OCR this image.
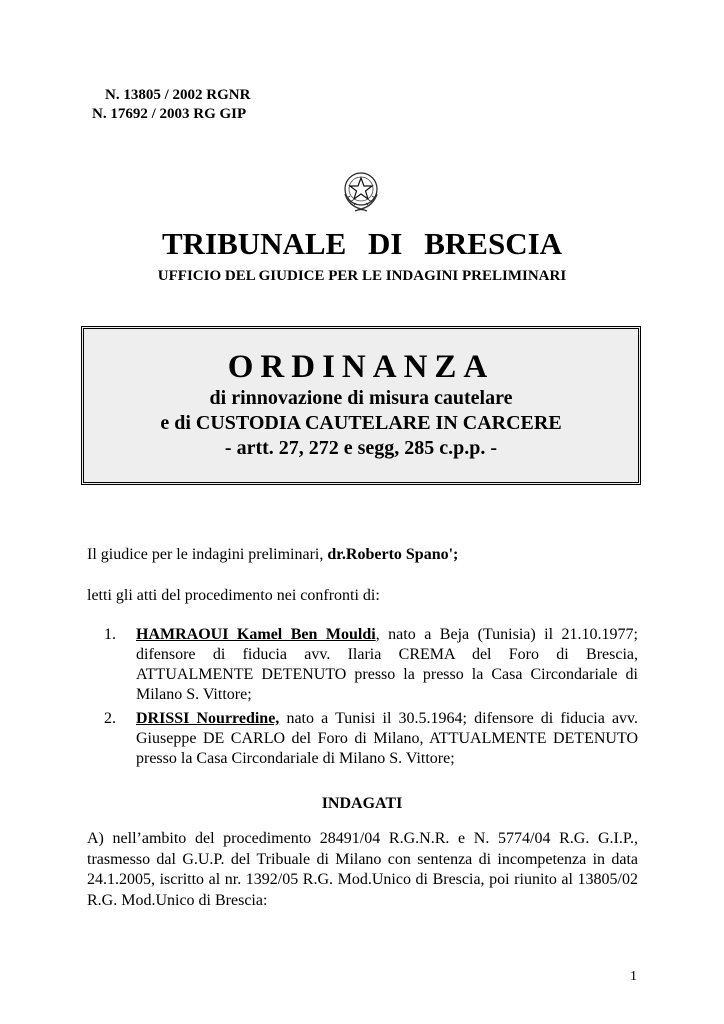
N. 13805 / 2002 RGNR
N. 17692 / 2003 RG GIP
TRIBUNALE DI BRESCIA
UFFICIO DEL GIUDICE PER LE INDAGINI PRELIMINARI
ORDINANZA
di rinnovazione di misura cautelare
e di CUSTODIA CAUTELARE IN CARCERE
- artt. 27, 272 e segg, 285 c.p.p. -
Il giudice per le indagini preliminari, dr.Roberto Spano';
letti gli atti del procedimento nei confronti di:
1.	HAMRAOUI Kamel Ben Mouldi, nato a Beja (Tunisia) il 21.10.1977; difensore di fiducia avv. Ilaria CREMA del Foro di Brescia, ATTUALMENTE DETENUTO presso la presso la Casa Circondariale di Milano S. Vittore;
2.	DRISSI Nourredine, nato a Tunisi il 30.5.1964; difensore di fiducia avv. Giuseppe DE CARLO del Foro di Milano, ATTUALMENTE DETENUTO presso la Casa Circondariale di Milano S. Vittore;
INDAGATI
A) nell’ambito del procedimento 28491/04 R.G.N.R. e N. 5774/04 R.G. G.I.P., trasmesso dal G.U.P. del Tribuale di Milano con sentenza di incompetenza in data 24.1.2005, iscritto al nr. 1392/05 R.G. Mod.Unico di Brescia, poi riunito al 13805/02 R.G. Mod.Unico di Brescia:
1
